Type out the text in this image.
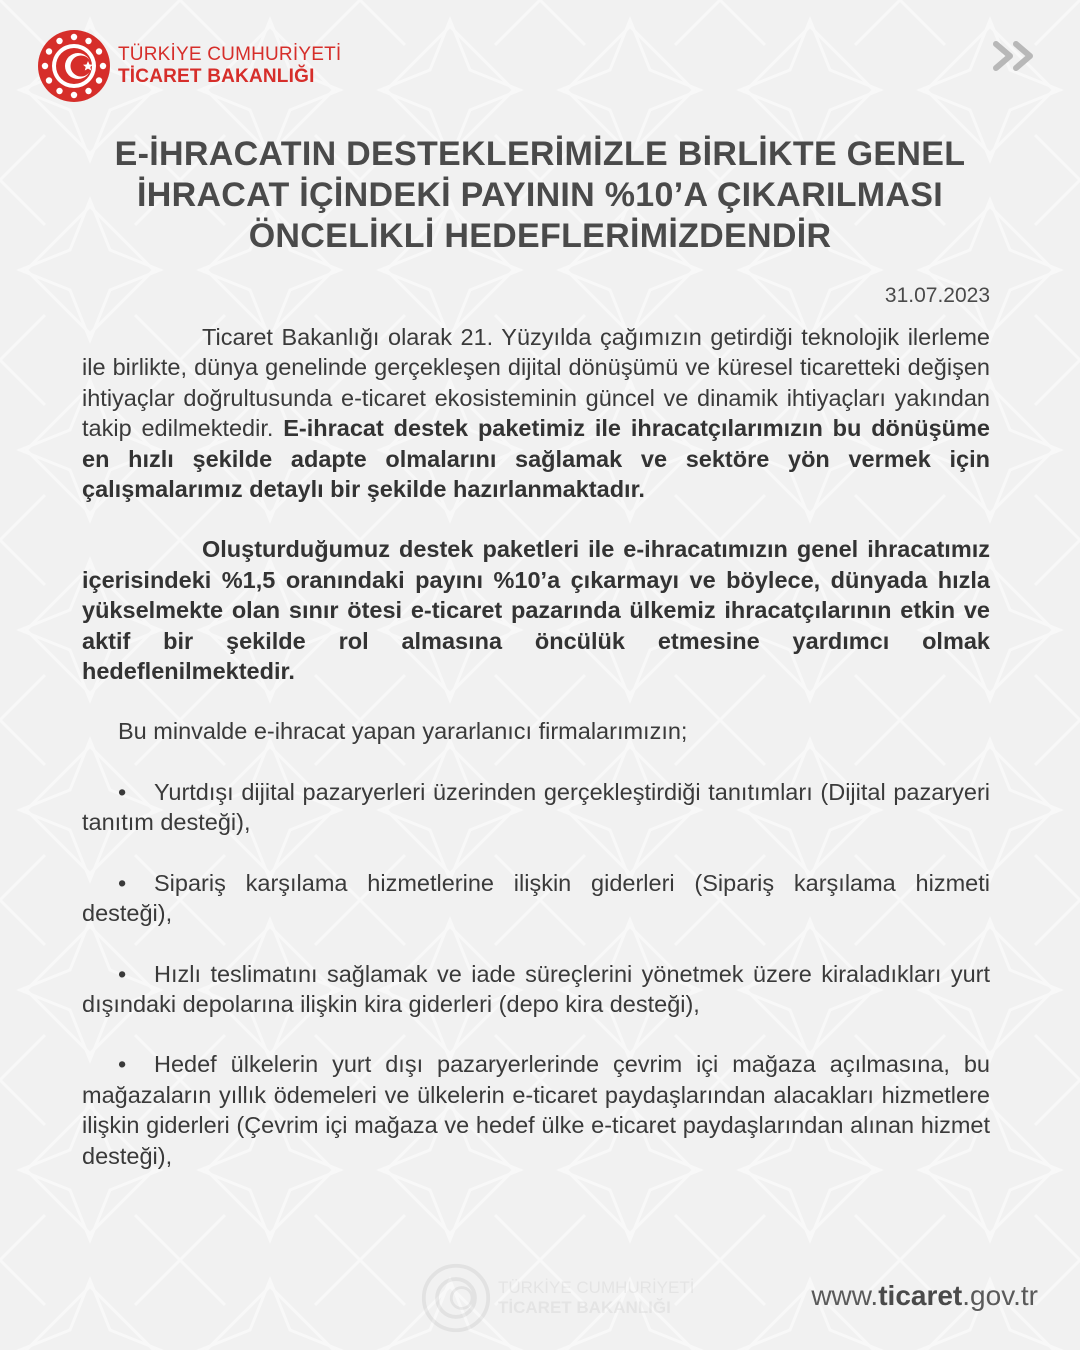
TÜRKİYE CUMHURİYETİ
TİCARET BAKANLIĞI
E-İHRACATIN DESTEKLERİMİZLE BİRLİKTE GENEL
İHRACAT İÇİNDEKİ PAYININ %10’A ÇIKARILMASI
ÖNCELİKLİ HEDEFLERİMİZDENDİR
31.07.2023

Ticaret Bakanlığı olarak 21. Yüzyılda çağımızın getirdiği teknolojik ilerleme ile birlikte, dünya genelinde gerçekleşen dijital dönüşümü ve küresel ticaretteki değişen ihtiyaçlar doğrultusunda e-ticaret ekosisteminin güncel ve dinamik ihtiyaçları yakından takip edilmektedir. E-ihracat destek paketimiz ile ihracatçılarımızın bu dönüşüme en hızlı şekilde adapte olmalarını sağlamak ve sektöre yön vermek için çalışmalarımız detaylı bir şekilde hazırlanmaktadır.

Oluşturduğumuz destek paketleri ile e-ihracatımızın genel ihracatımız içerisindeki %1,5 oranındaki payını %10’a çıkarmayı ve böylece, dünyada hızla yükselmekte olan sınır ötesi e-ticaret pazarında ülkemiz ihracatçılarının etkin ve aktif bir şekilde rol almasına öncülük etmesine yardımcı olmak hedeflenilmektedir.

Bu minvalde e-ihracat yapan yararlanıcı firmalarımızın;

• Yurtdışı dijital pazaryerleri üzerinden gerçekleştirdiği tanıtımları (Dijital pazaryeri tanıtım desteği),

• Sipariş karşılama hizmetlerine ilişkin giderleri (Sipariş karşılama hizmeti desteği),

• Hızlı teslimatını sağlamak ve iade süreçlerini yönetmek üzere kiraladıkları yurt dışındaki depolarına ilişkin kira giderleri (depo kira desteği),

• Hedef ülkelerin yurt dışı pazaryerlerinde çevrim içi mağaza açılmasına, bu mağazaların yıllık ödemeleri ve ülkelerin e-ticaret paydaşlarından alacakları hizmetlere ilişkin giderleri (Çevrim içi mağaza ve hedef ülke e-ticaret paydaşlarından alınan hizmet desteği),

TÜRKİYE CUMHURİYETİ
TİCARET BAKANLIĞI	www.ticaret.gov.tr
